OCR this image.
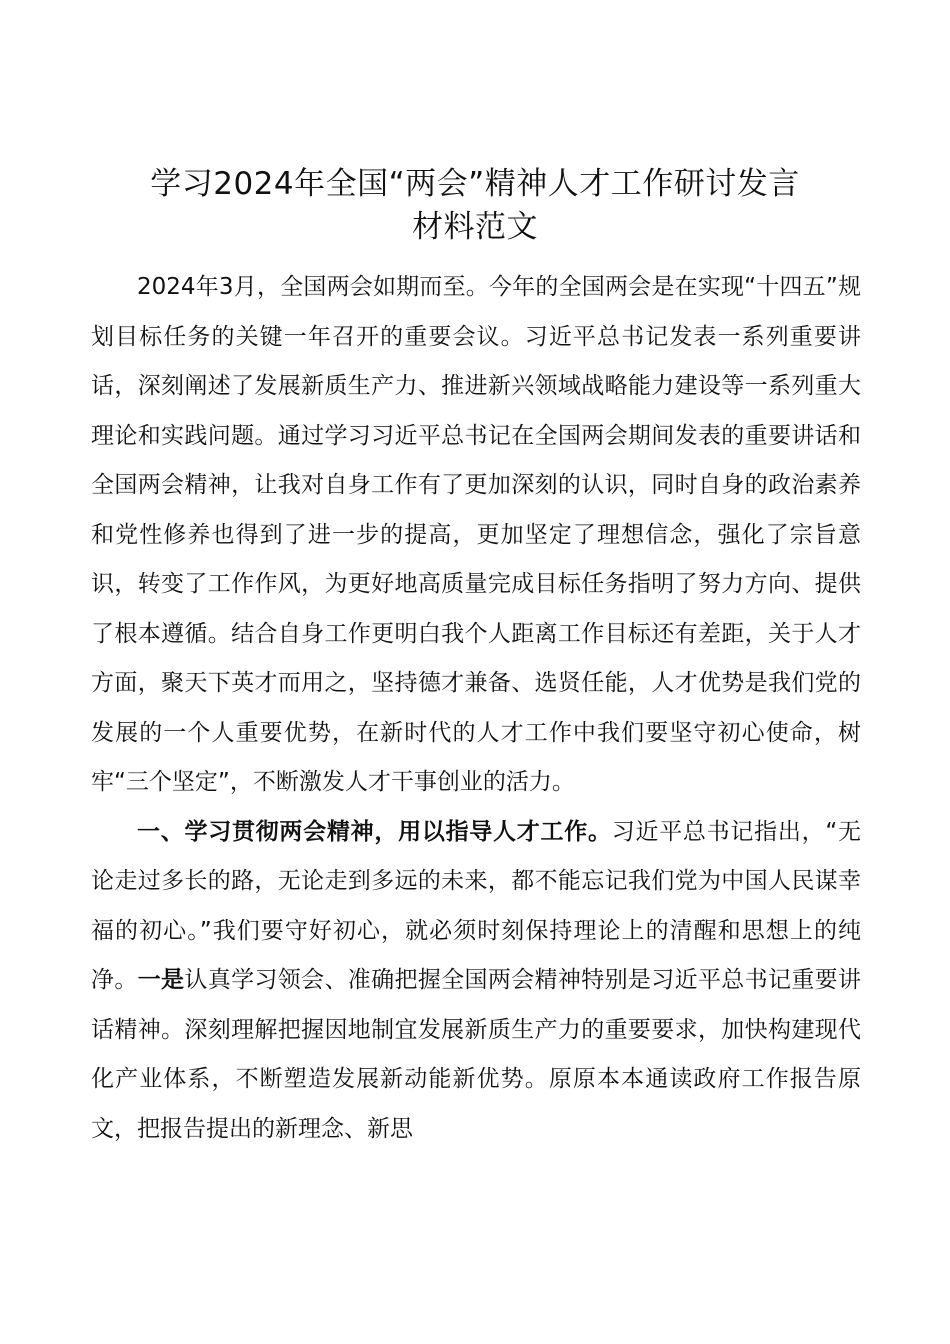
学习2024年全国“两会”精神人才工作研讨发言
材料范文

2024年3月，全国两会如期而至。今年的全国两会是在实现“十四五”规划目标任务的关键一年召开的重要会议。习近平总书记发表一系列重要讲话，深刻阐述了发展新质生产力、推进新兴领域战略能力建设等一系列重大理论和实践问题。通过学习习近平总书记在全国两会期间发表的重要讲话和全国两会精神，让我对自身工作有了更加深刻的认识，同时自身的政治素养和党性修养也得到了进一步的提高，更加坚定了理想信念，强化了宗旨意识，转变了工作作风，为更好地高质量完成目标任务指明了努力方向、提供了根本遵循。结合自身工作更明白我个人距离工作目标还有差距，关于人才方面，聚天下英才而用之，坚持德才兼备、选贤任能，人才优势是我们党的发展的一个人重要优势，在新时代的人才工作中我们要坚守初心使命，树牢“三个坚定”，不断激发人才干事创业的活力。

一、学习贯彻两会精神，用以指导人才工作。习近平总书记指出，“无论走过多长的路，无论走到多远的未来，都不能忘记我们党为中国人民谋幸福的初心。”我们要守好初心，就必须时刻保持理论上的清醒和思想上的纯净。一是认真学习领会、准确把握全国两会精神特别是习近平总书记重要讲话精神。深刻理解把握因地制宜发展新质生产力的重要要求，加快构建现代化产业体系，不断塑造发展新动能新优势。原原本本通读政府工作报告原文，把报告提出的新理念、新思
